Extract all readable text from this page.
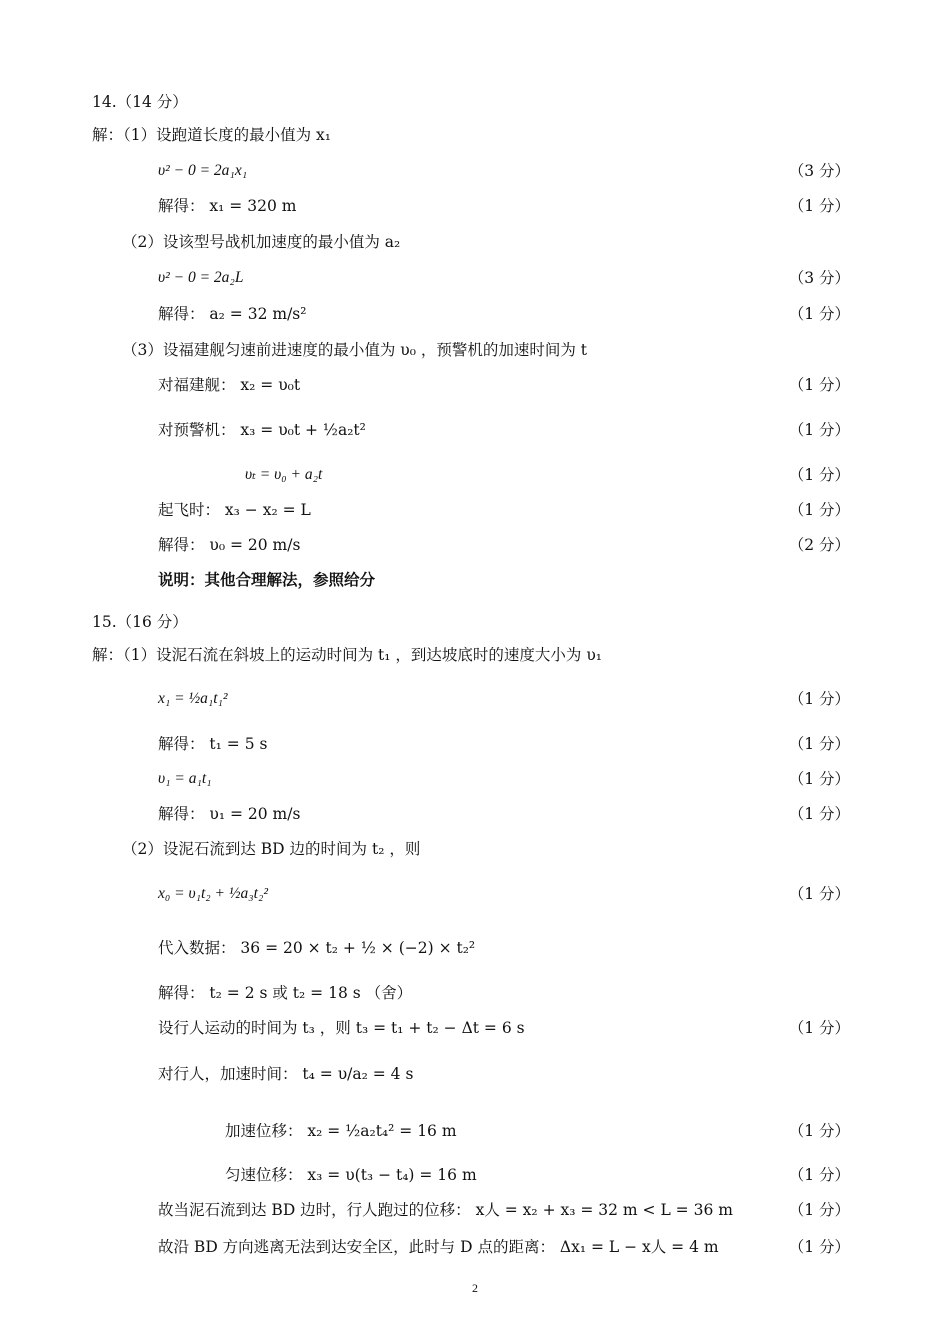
14.（14 分）
解：（1）设跑道长度的最小值为 x₁
υ² − 0 = 2a₁x₁	（3 分）
解得： x₁ = 320 m	（1 分）
（2）设该型号战机加速度的最小值为 a₂
υ² − 0 = 2a₂L	（3 分）
解得： a₂ = 32 m/s²	（1 分）
（3）设福建舰匀速前进速度的最小值为 υ₀ ，预警机的加速时间为 t
对福建舰： x₂ = υ₀t	（1 分）
对预警机： x₃ = υ₀t + ½a₂t²	（1 分）
υₜ = υ₀ + a₂t	（1 分）
起飞时： x₃ − x₂ = L	（1 分）
解得： υ₀ = 20 m/s	（2 分）
说明：其他合理解法，参照给分
15.（16 分）
解：（1）设泥石流在斜坡上的运动时间为 t₁ ，到达坡底时的速度大小为 υ₁
x₁ = ½a₁t₁²	（1 分）
解得： t₁ = 5 s	（1 分）
υ₁ = a₁t₁	（1 分）
解得： υ₁ = 20 m/s	（1 分）
（2）设泥石流到达 BD 边的时间为 t₂ ，则
x₀ = υ₁t₂ + ½a₃t₂²	（1 分）
代入数据： 36 = 20 × t₂ + ½ × (−2) × t₂²
解得： t₂ = 2 s 或 t₂ = 18 s （舍）
设行人运动的时间为 t₃ ，则 t₃ = t₁ + t₂ − Δt = 6 s	（1 分）
对行人，加速时间： t₄ = υ/a₂ = 4 s
加速位移： x₂ = ½a₂t₄² = 16 m	（1 分）
匀速位移： x₃ = υ(t₃ − t₄) = 16 m	（1 分）
故当泥石流到达 BD 边时，行人跑过的位移： x人 = x₂ + x₃ = 32 m < L = 36 m	（1 分）
故沿 BD 方向逃离无法到达安全区，此时与 D 点的距离： Δx₁ = L − x人 = 4 m	（1 分）
2
